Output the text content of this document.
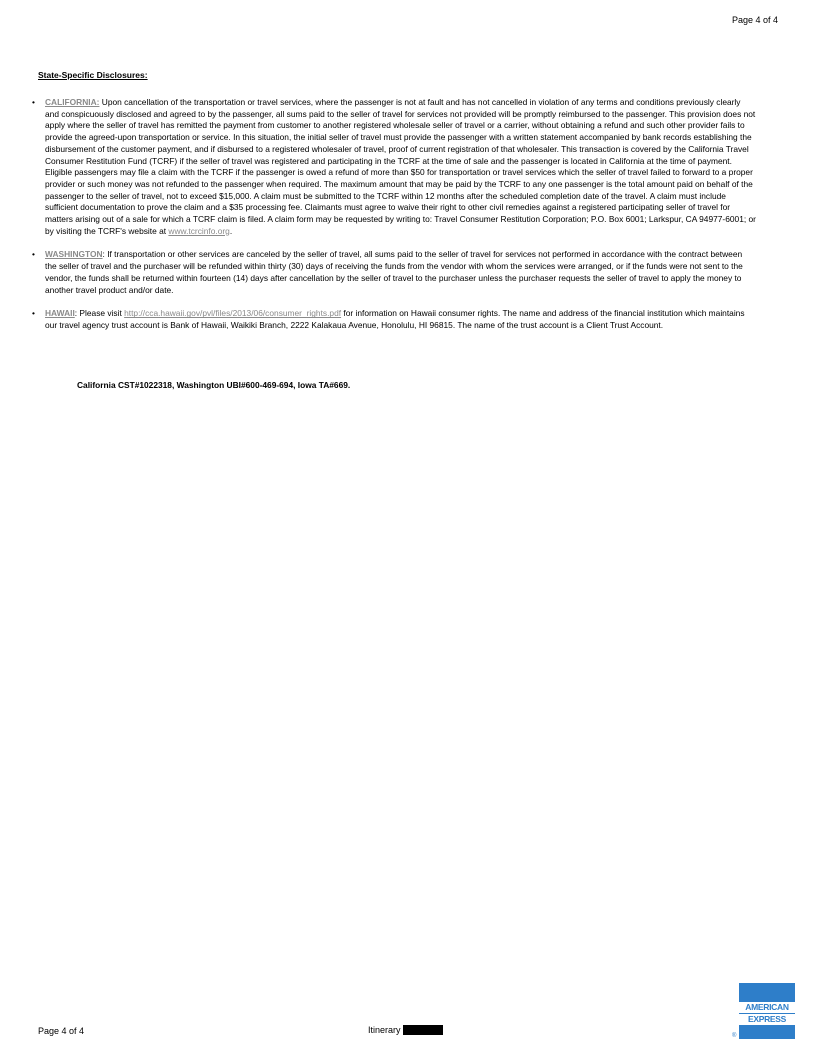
Page 4 of 4
State-Specific Disclosures:
• CALIFORNIA: Upon cancellation of the transportation or travel services, where the passenger is not at fault and has not cancelled in violation of any terms and conditions previously clearly and conspicuously disclosed and agreed to by the passenger, all sums paid to the seller of travel for services not provided will be promptly reimbursed to the passenger. This provision does not apply where the seller of travel has remitted the payment from customer to another registered wholesale seller of travel or a carrier, without obtaining a refund and such other provider fails to provide the agreed-upon transportation or service. In this situation, the initial seller of travel must provide the passenger with a written statement accompanied by bank records establishing the disbursement of the customer payment, and if disbursed to a registered wholesaler of travel, proof of current registration of that wholesaler. This transaction is covered by the California Travel Consumer Restitution Fund (TCRF) if the seller of travel was registered and participating in the TCRF at the time of sale and the passenger is located in California at the time of payment. Eligible passengers may file a claim with the TCRF if the passenger is owed a refund of more than $50 for transportation or travel services which the seller of travel failed to forward to a proper provider or such money was not refunded to the passenger when required. The maximum amount that may be paid by the TCRF to any one passenger is the total amount paid on behalf of the passenger to the seller of travel, not to exceed $15,000. A claim must be submitted to the TCRF within 12 months after the scheduled completion date of the travel. A claim must include sufficient documentation to prove the claim and a $35 processing fee. Claimants must agree to waive their right to other civil remedies against a registered participating seller of travel for matters arising out of a sale for which a TCRF claim is filed. A claim form may be requested by writing to: Travel Consumer Restitution Corporation; P.O. Box 6001; Larkspur, CA 94977-6001; or by visiting the TCRF's website at www.tcrcinfo.org.
• WASHINGTON: If transportation or other services are canceled by the seller of travel, all sums paid to the seller of travel for services not performed in accordance with the contract between the seller of travel and the purchaser will be refunded within thirty (30) days of receiving the funds from the vendor with whom the services were arranged, or if the funds were not sent to the vendor, the funds shall be returned within fourteen (14) days after cancellation by the seller of travel to the purchaser unless the purchaser requests the seller of travel to apply the money to another travel product and/or date.
• HAWAII: Please visit http://cca.hawaii.gov/pvl/files/2013/06/consumer_rights.pdf for information on Hawaii consumer rights. The name and address of the financial institution which maintains our travel agency trust account is Bank of Hawaii, Waikiki Branch, 2222 Kalakaua Avenue, Honolulu, HI 96815. The name of the trust account is a Client Trust Account.
California CST#1022318, Washington UBI#600-469-694, Iowa TA#669.
Page 4 of 4	Itinerary
AMERICAN
EXPRESS
®
